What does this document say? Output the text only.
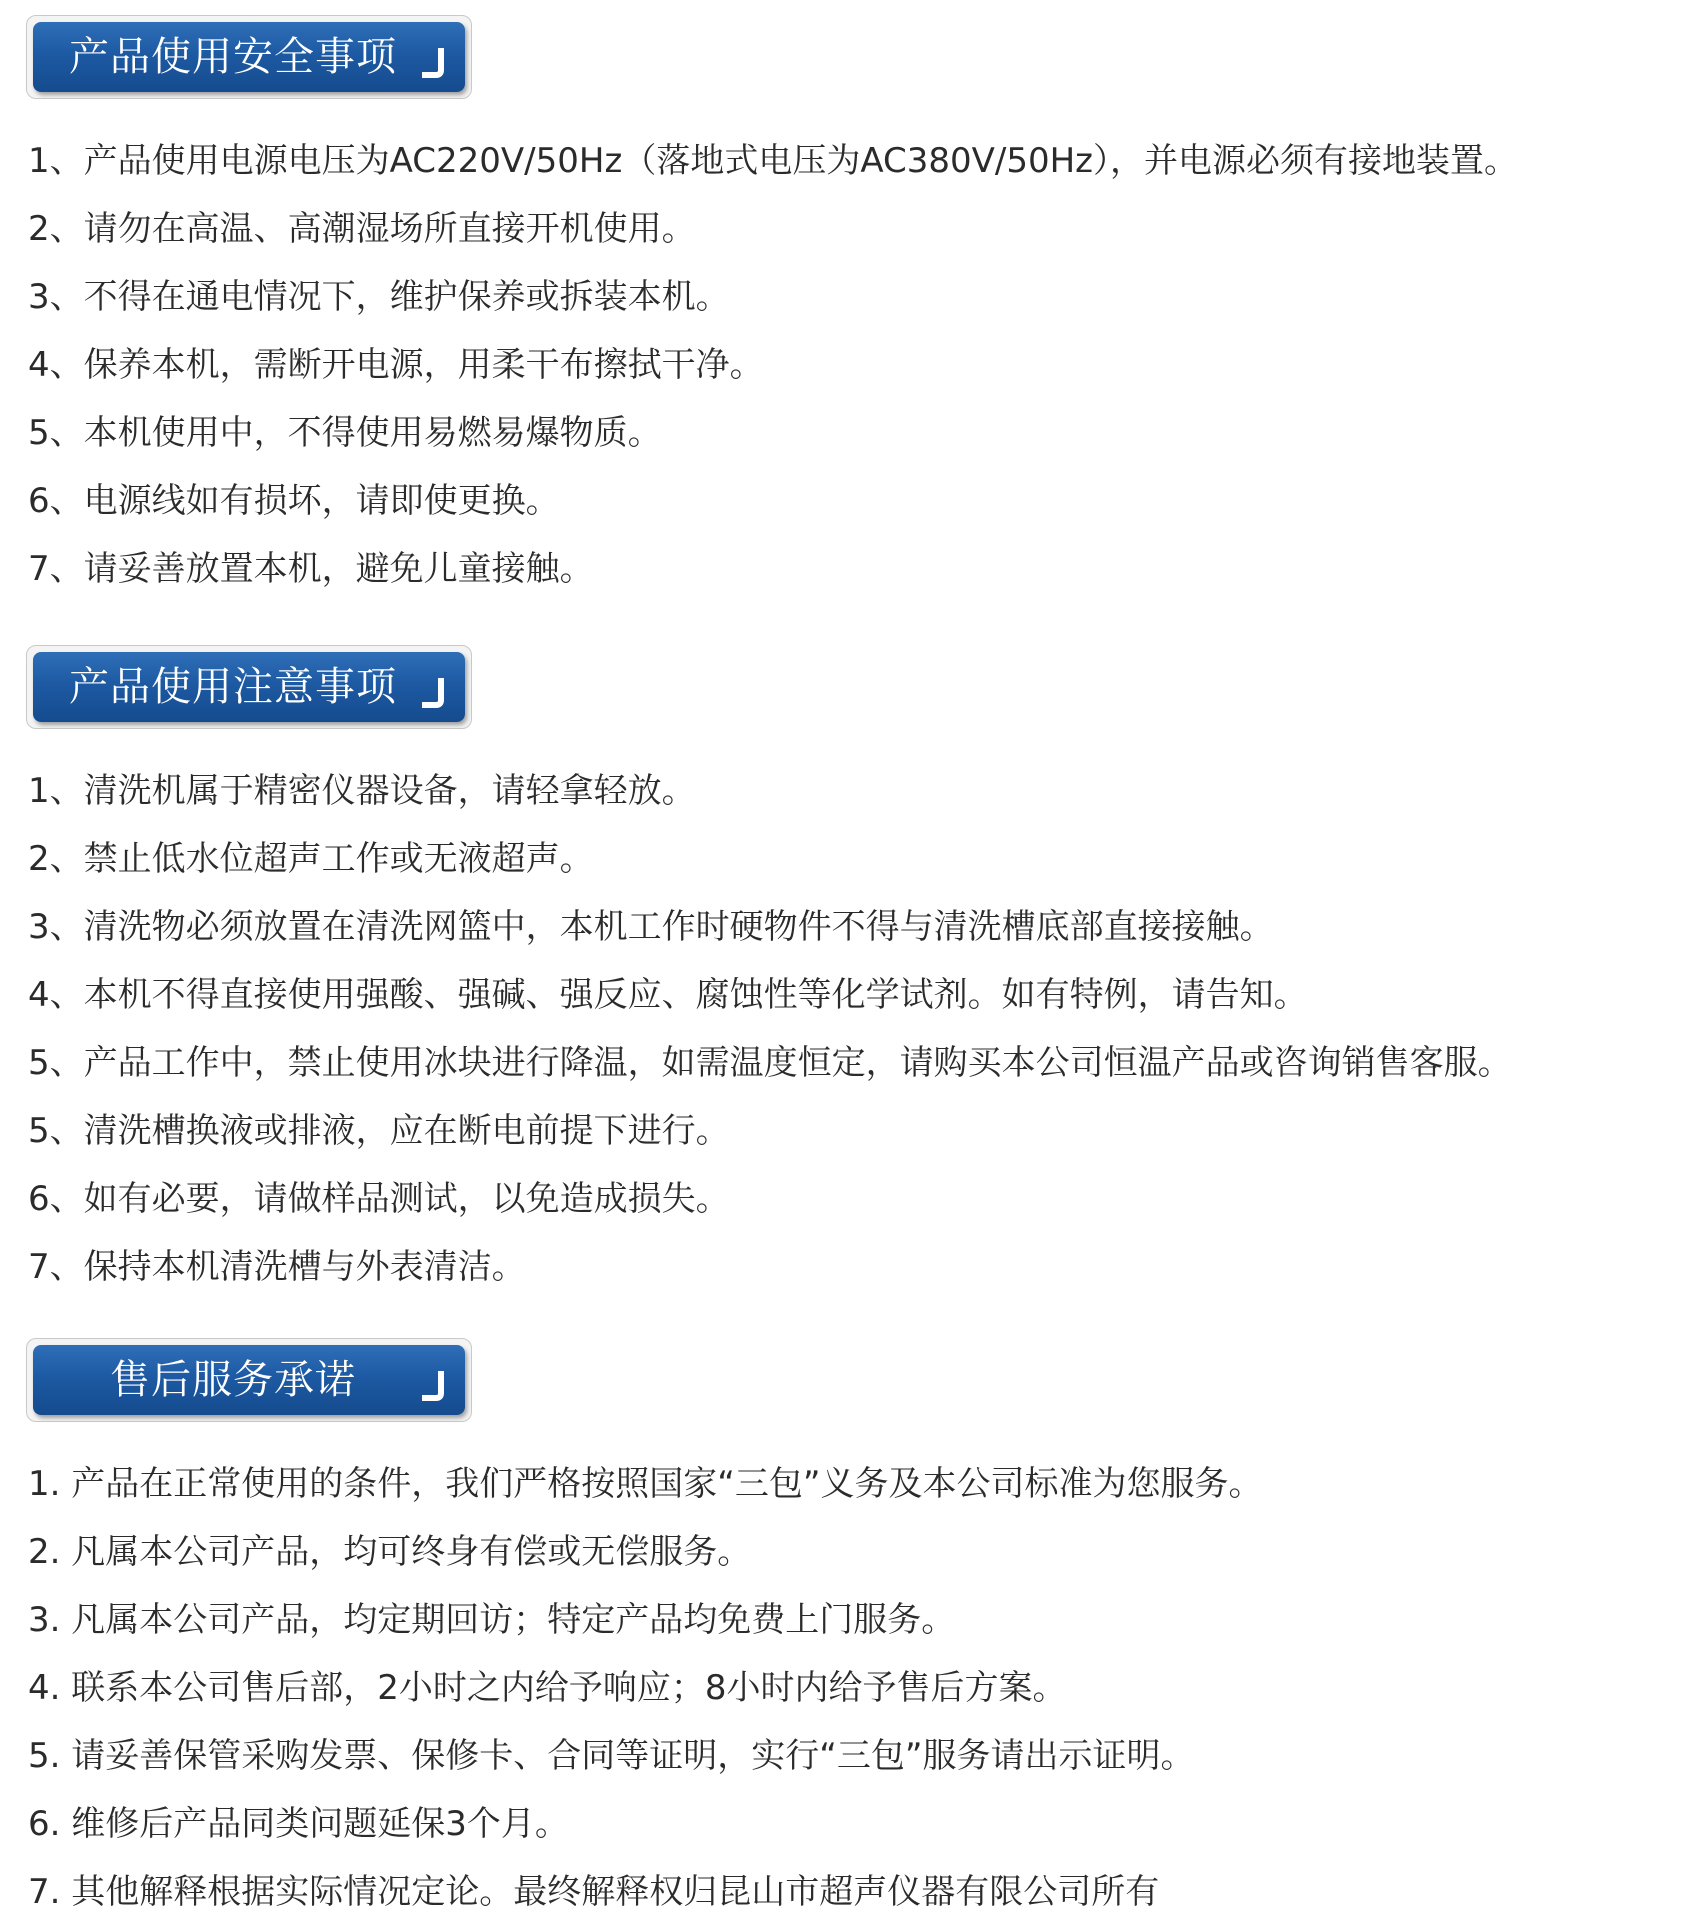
产品使用安全事项
1、产品使用电源电压为AC220V/50Hz（落地式电压为AC380V/50Hz），并电源必须有接地装置。
2、请勿在高温、高潮湿场所直接开机使用。
3、不得在通电情况下，维护保养或拆装本机。
4、保养本机，需断开电源，用柔干布擦拭干净。
5、本机使用中，不得使用易燃易爆物质。
6、电源线如有损坏，请即使更换。
7、请妥善放置本机，避免儿童接触。
产品使用注意事项
1、清洗机属于精密仪器设备，请轻拿轻放。
2、禁止低水位超声工作或无液超声。
3、清洗物必须放置在清洗网篮中，本机工作时硬物件不得与清洗槽底部直接接触。
4、本机不得直接使用强酸、强碱、强反应、腐蚀性等化学试剂。如有特例，请告知。
5、产品工作中，禁止使用冰块进行降温，如需温度恒定，请购买本公司恒温产品或咨询销售客服。
5、清洗槽换液或排液，应在断电前提下进行。
6、如有必要，请做样品测试，以免造成损失。
7、保持本机清洗槽与外表清洁。
售后服务承诺
1. 产品在正常使用的条件，我们严格按照国家“三包”义务及本公司标准为您服务。
2. 凡属本公司产品，均可终身有偿或无偿服务。
3. 凡属本公司产品，均定期回访；特定产品均免费上门服务。
4. 联系本公司售后部，2小时之内给予响应；8小时内给予售后方案。
5. 请妥善保管采购发票、保修卡、合同等证明，实行“三包”服务请出示证明。
6. 维修后产品同类问题延保3个月。
7. 其他解释根据实际情况定论。最终解释权归昆山市超声仪器有限公司所有
